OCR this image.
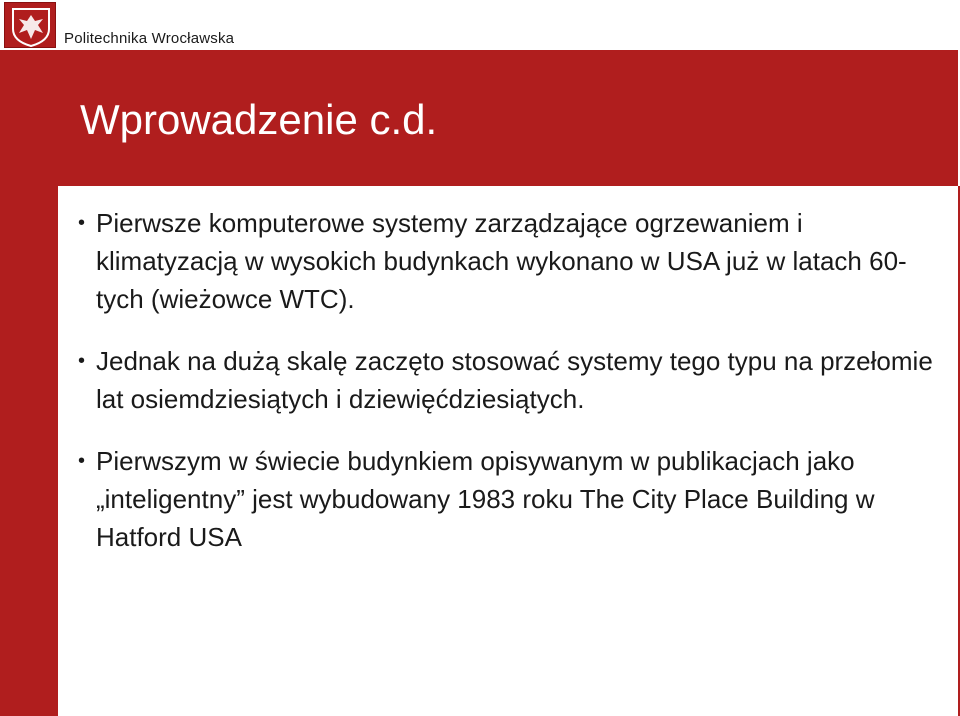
Politechnika Wrocławska
Wprowadzenie c.d.
• Pierwsze komputerowe systemy zarządzające ogrzewaniem i klimatyzacją w wysokich budynkach wykonano w USA już w latach 60-tych (wieżowce WTC).
• Jednak na dużą skalę zaczęto stosować systemy tego typu na przełomie lat osiemdziesiątych i dziewięćdziesiątych.
• Pierwszym w świecie budynkiem opisywanym w publikacjach jako „inteligentny” jest wybudowany 1983 roku The City Place Building w Hatford USA
